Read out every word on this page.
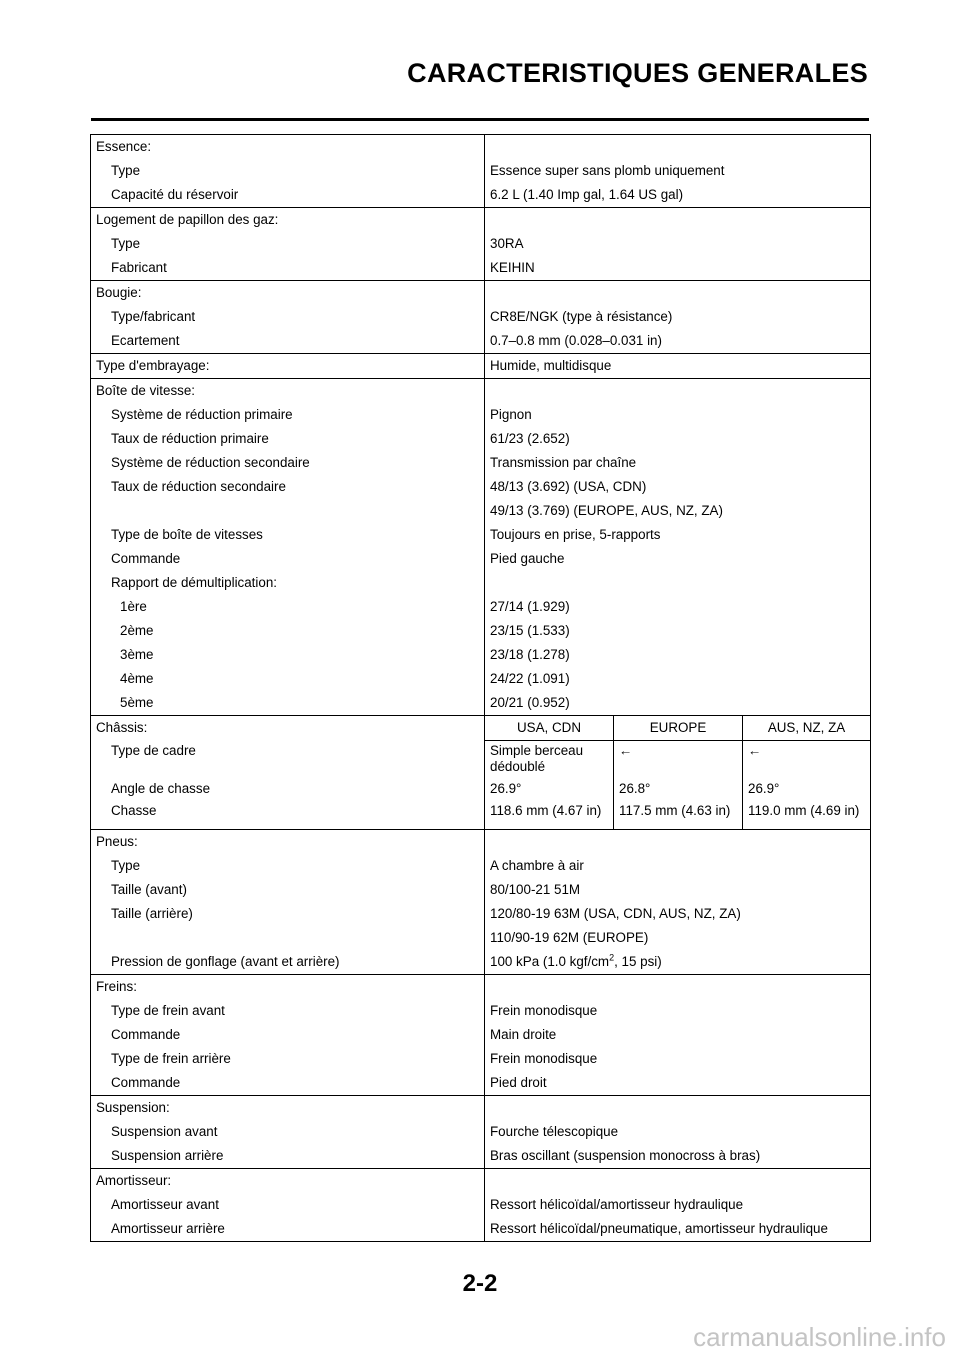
CARACTERISTIQUES GENERALES
Essence:			
Type	Essence super sans plomb uniquement		
Capacité du réservoir	6.2 L (1.40 Imp gal, 1.64 US gal)		
Logement de papillon des gaz:			
Type	30RA		
Fabricant	KEIHIN		
Bougie:			
Type/fabricant	CR8E/NGK (type à résistance)		
Ecartement	0.7–0.8 mm (0.028–0.031 in)		
Type d'embrayage:	Humide, multidisque		
Boîte de vitesse:			
Système de réduction primaire	Pignon		
Taux de réduction primaire	61/23 (2.652)		
Système de réduction secondaire	Transmission par chaîne		
Taux de réduction secondaire	48/13 (3.692) (USA, CDN)		
	49/13 (3.769) (EUROPE, AUS, NZ, ZA)		
Type de boîte de vitesses	Toujours en prise, 5-rapports		
Commande	Pied gauche		
Rapport de démultiplication:			
1ère	27/14 (1.929)		
2ème	23/15 (1.533)		
3ème	23/18 (1.278)		
4ème	24/22 (1.091)		
5ème	20/21 (0.952)		
Châssis:	USA, CDN	EUROPE	AUS, NZ, ZA
Type de cadre	Simple berceau dédoublé	←	←
Angle de chasse	26.9°	26.8°	26.9°
Chasse	118.6 mm (4.67 in)	117.5 mm (4.63 in)	119.0 mm (4.69 in)
Pneus:			
Type	A chambre à air		
Taille (avant)	80/100-21 51M		
Taille (arrière)	120/80-19 63M (USA, CDN, AUS, NZ, ZA)		
	110/90-19 62M (EUROPE)		
Pression de gonflage (avant et arrière)	100 kPa (1.0 kgf/$cm^2$, 15 psi)		
Freins:			
Type de frein avant	Frein monodisque		
Commande	Main droite		
Type de frein arrière	Frein monodisque		
Commande	Pied droit		
Suspension:			
Suspension avant	Fourche télescopique		
Suspension arrière	Bras oscillant (suspension monocross à bras)		
Amortisseur:			
Amortisseur avant	Ressort hélicoïdal/amortisseur hydraulique		
Amortisseur arrière	Ressort hélicoïdal/pneumatique, amortisseur hydraulique		
2-2
carmanualsonline.info
